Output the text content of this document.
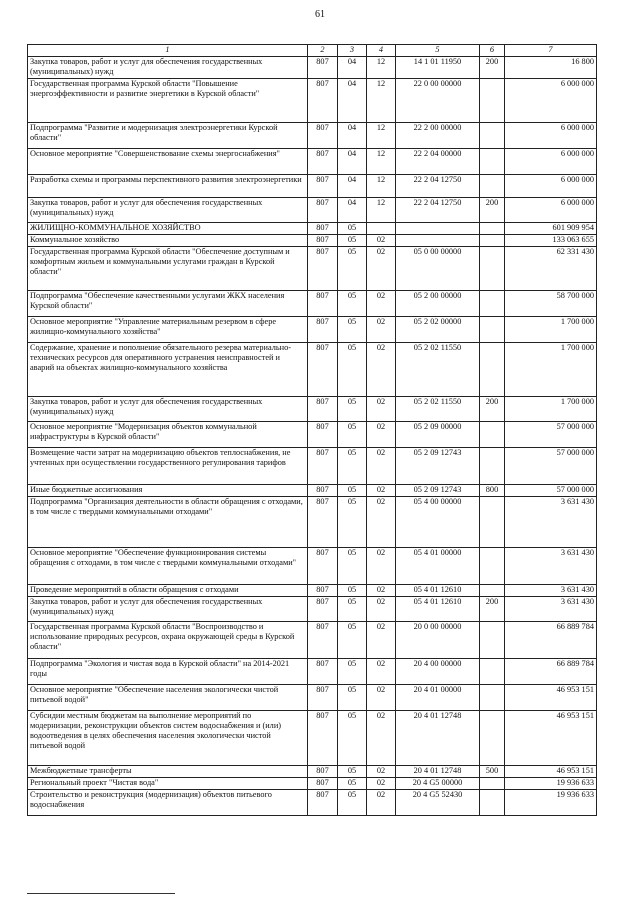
61
1	2	3	4	5	6	7
Закупка товаров, работ и услуг для обеспечения государственных (муниципальных) нужд	807	04	12	14 1 01 11950	200	16 800
Государственная программа Курской области "Повышение энергоэффективности и развитие энергетики в Курской области"	807	04	12	22 0 00 00000		6 000 000
Подпрограмма "Развитие и модернизация электроэнергетики Курской области"	807	04	12	22 2 00 00000		6 000 000
Основное мероприятие "Совершенствование схемы энергоснабжения"	807	04	12	22 2 04 00000		6 000 000
Разработка схемы и программы перспективного развития электроэнергетики	807	04	12	22 2 04 12750		6 000 000
Закупка товаров, работ и услуг для обеспечения государственных (муниципальных) нужд	807	04	12	22 2 04 12750	200	6 000 000
ЖИЛИЩНО-КОММУНАЛЬНОЕ ХОЗЯЙСТВО	807	05				601 909 954
Коммунальное хозяйство	807	05	02			133 063 655
Государственная программа Курской области "Обеспечение доступным и комфортным жильем и коммунальными услугами граждан в Курской области"	807	05	02	05 0 00 00000		62 331 430
Подпрограмма "Обеспечение качественными услугами ЖКХ населения Курской области"	807	05	02	05 2 00 00000		58 700 000
Основное мероприятие "Управление материальным резервом в сфере жилищно-коммунального хозяйства"	807	05	02	05 2 02 00000		1 700 000
Содержание, хранение и пополнение обязательного резерва материально-технических ресурсов для оперативного устранения неисправностей и аварий на объектах жилищно-коммунального хозяйства	807	05	02	05 2 02 11550		1 700 000
Закупка товаров, работ и услуг для обеспечения государственных (муниципальных) нужд	807	05	02	05 2 02 11550	200	1 700 000
Основное мероприятие "Модернизация объектов коммунальной инфраструктуры в Курской области"	807	05	02	05 2 09 00000		57 000 000
Возмещение части затрат на модернизацию объектов теплоснабжения, не учтенных при осуществлении государственного регулирования тарифов	807	05	02	05 2 09 12743		57 000 000
Иные бюджетные ассигнования	807	05	02	05 2 09 12743	800	57 000 000
Подпрограмма "Организация деятельности в области обращения с отходами, в том числе с твердыми коммунальными отходами"	807	05	02	05 4 00 00000		3 631 430
Основное мероприятие "Обеспечение функционирования системы обращения с отходами, в том числе с твердыми коммунальными отходами"	807	05	02	05 4 01 00000		3 631 430
Проведение мероприятий в области обращения с отходами	807	05	02	05 4 01 12610		3 631 430
Закупка товаров, работ и услуг для обеспечения государственных (муниципальных) нужд	807	05	02	05 4 01 12610	200	3 631 430
Государственная программа Курской области "Воспроизводство и использование природных ресурсов, охрана окружающей среды в Курской области"	807	05	02	20 0 00 00000		66 889 784
Подпрограмма "Экология и чистая вода в Курской области" на 2014-2021 годы	807	05	02	20 4 00 00000		66 889 784
Основное мероприятие "Обеспечение населения экологически чистой питьевой водой"	807	05	02	20 4 01 00000		46 953 151
Субсидии местным бюджетам на выполнение мероприятий по модернизации, реконструкции объектов систем водоснабжения и (или) водоотведения в целях обеспечения населения экологически чистой питьевой водой	807	05	02	20 4 01 12748		46 953 151
Межбюджетные трансферты	807	05	02	20 4 01 12748	500	46 953 151
Региональный проект "Чистая вода"	807	05	02	20 4 G5 00000		19 936 633
Строительство и реконструкция (модернизация) объектов питьевого водоснабжения	807	05	02	20 4 G5 52430		19 936 633
